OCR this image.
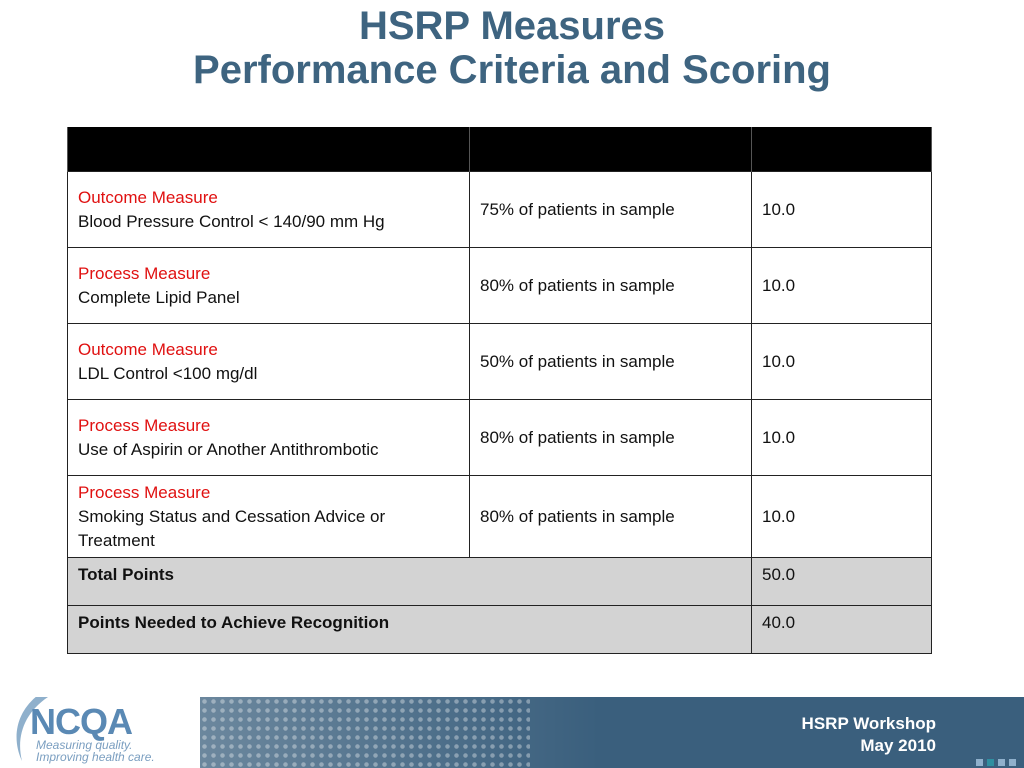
HSRP Measures
Performance Criteria and Scoring

Outcome Measure
Blood Pressure Control < 140/90 mm Hg	75% of patients in sample	10.0

Process Measure
Complete Lipid Panel	80% of patients in sample	10.0

Outcome Measure
LDL Control <100 mg/dl	50% of patients in sample	10.0

Process Measure
Use of Aspirin or Another Antithrombotic	80% of patients in sample	10.0

Process Measure
Smoking Status and Cessation Advice or Treatment	80% of patients in sample	10.0
Total Points		50.0
Points Needed to Achieve Recognition		40.0
NCQA
Measuring quality.
Improving health care.
HSRP Workshop
May 2010
